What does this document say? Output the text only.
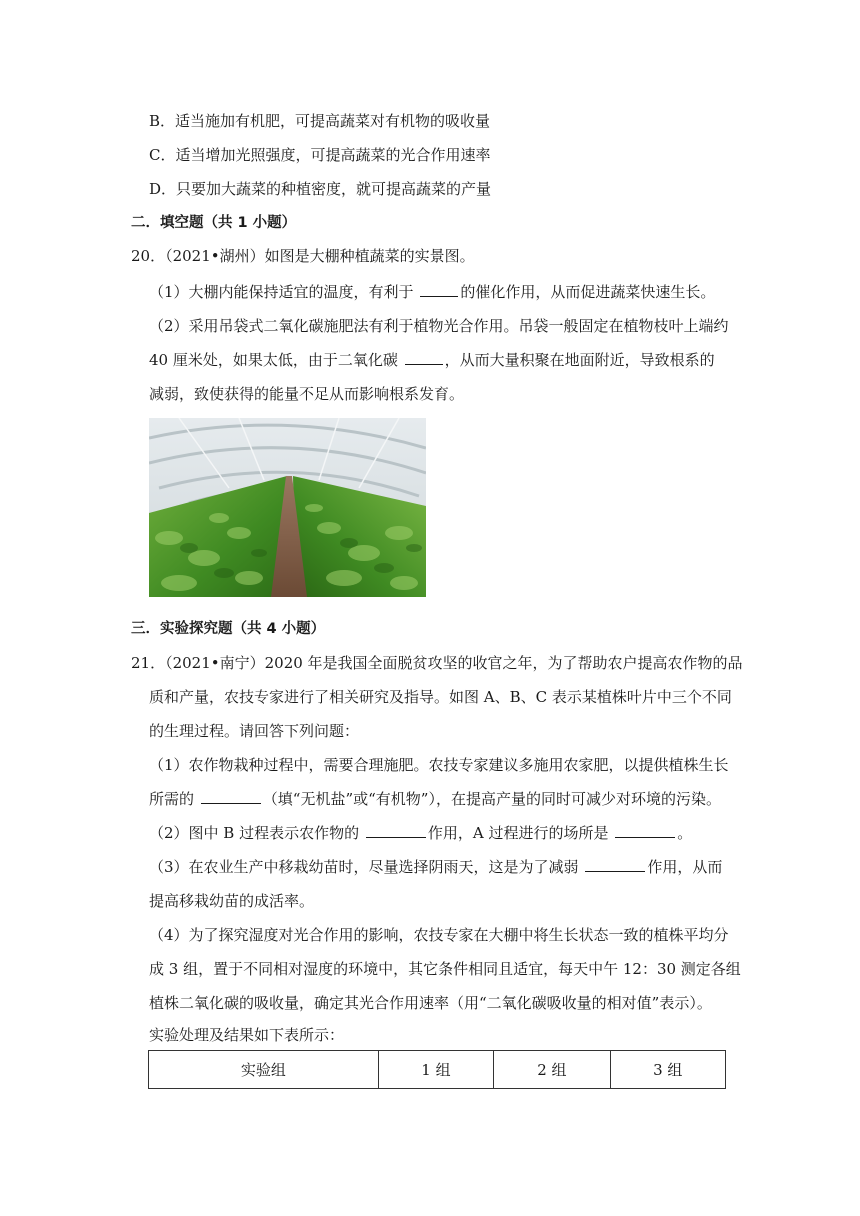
B．适当施加有机肥，可提高蔬菜对有机物的吸收量
C．适当增加光照强度，可提高蔬菜的光合作用速率
D．只要加大蔬菜的种植密度，就可提高蔬菜的产量
二．填空题（共 1 小题）
20．（2021•湖州）如图是大棚种植蔬菜的实景图。
（1）大棚内能保持适宜的温度，有利于	的催化作用，从而促进蔬菜快速生长。
（2）采用吊袋式二氧化碳施肥法有利于植物光合作用。吊袋一般固定在植物枝叶上端约
40 厘米处，如果太低，由于二氧化碳	，从而大量积聚在地面附近，导致根系的
减弱，致使获得的能量不足从而影响根系发育。
三．实验探究题（共 4 小题）
21．（2021•南宁）2020 年是我国全面脱贫攻坚的收官之年，为了帮助农户提高农作物的品
质和产量，农技专家进行了相关研究及指导。如图 A、B、C 表示某植株叶片中三个不同
的生理过程。请回答下列问题：
（1）农作物栽种过程中，需要合理施肥。农技专家建议多施用农家肥，以提供植株生长
所需的	（填“无机盐”或“有机物”），在提高产量的同时可减少对环境的污染。
（2）图中 B 过程表示农作物的	作用，A 过程进行的场所是	。
（3）在农业生产中移栽幼苗时，尽量选择阴雨天，这是为了减弱	作用，从而
提高移栽幼苗的成活率。
（4）为了探究湿度对光合作用的影响，农技专家在大棚中将生长状态一致的植株平均分
成 3 组，置于不同相对湿度的环境中，其它条件相同且适宜，每天中午 12：30 测定各组
植株二氧化碳的吸收量，确定其光合作用速率（用“二氧化碳吸收量的相对值”表示）。
实验处理及结果如下表所示：
实验组	1 组	2 组	3 组
